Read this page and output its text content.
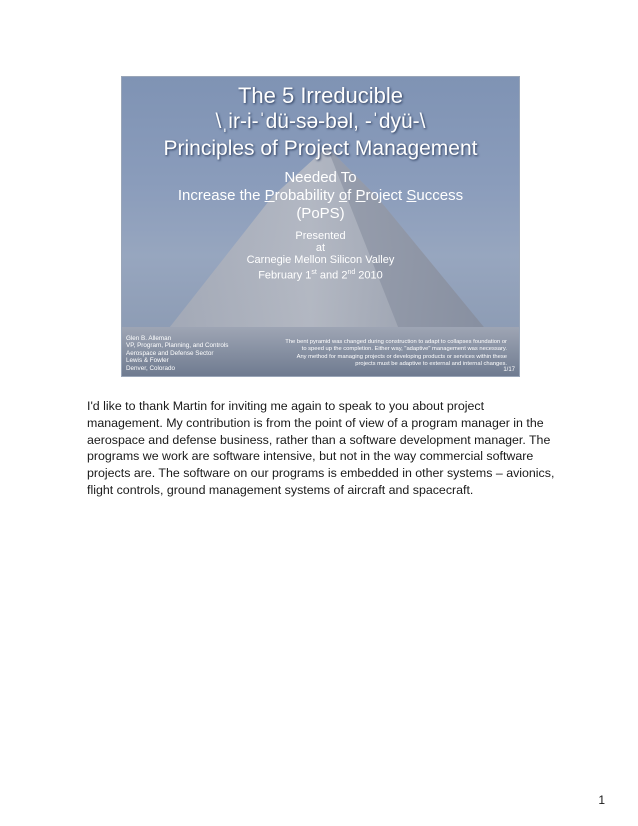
The 5 Irreducible
\ˌir-i-ˈdü-sə-bəl, -ˈdyü-\
Principles of Project Management
Needed To
Increase the Probability of Project Success
(PoPS)
Presented
at
Carnegie Mellon Silicon Valley
February 1st and 2nd 2010
Glen B. Alleman
VP, Program, Planning, and Controls
Aerospace and Defense Sector
Lewis & Fowler
Denver, Colorado
The bent pyramid was changed during construction to adapt to collapses foundation or
to speed up the completion. Either way, "adaptive" management was necessary.
Any method for managing projects or developing products or services within these
projects must be adaptive to external and internal changes.
1/17
I'd like to thank Martin for inviting me again to speak to you about project management. My contribution is from the point of view of a program manager in the aerospace and defense business, rather than a software development manager. The programs we work are software intensive, but not in the way commercial software projects are. The software on our programs is embedded in other systems – avionics, flight controls, ground management systems of aircraft and spacecraft.
1
